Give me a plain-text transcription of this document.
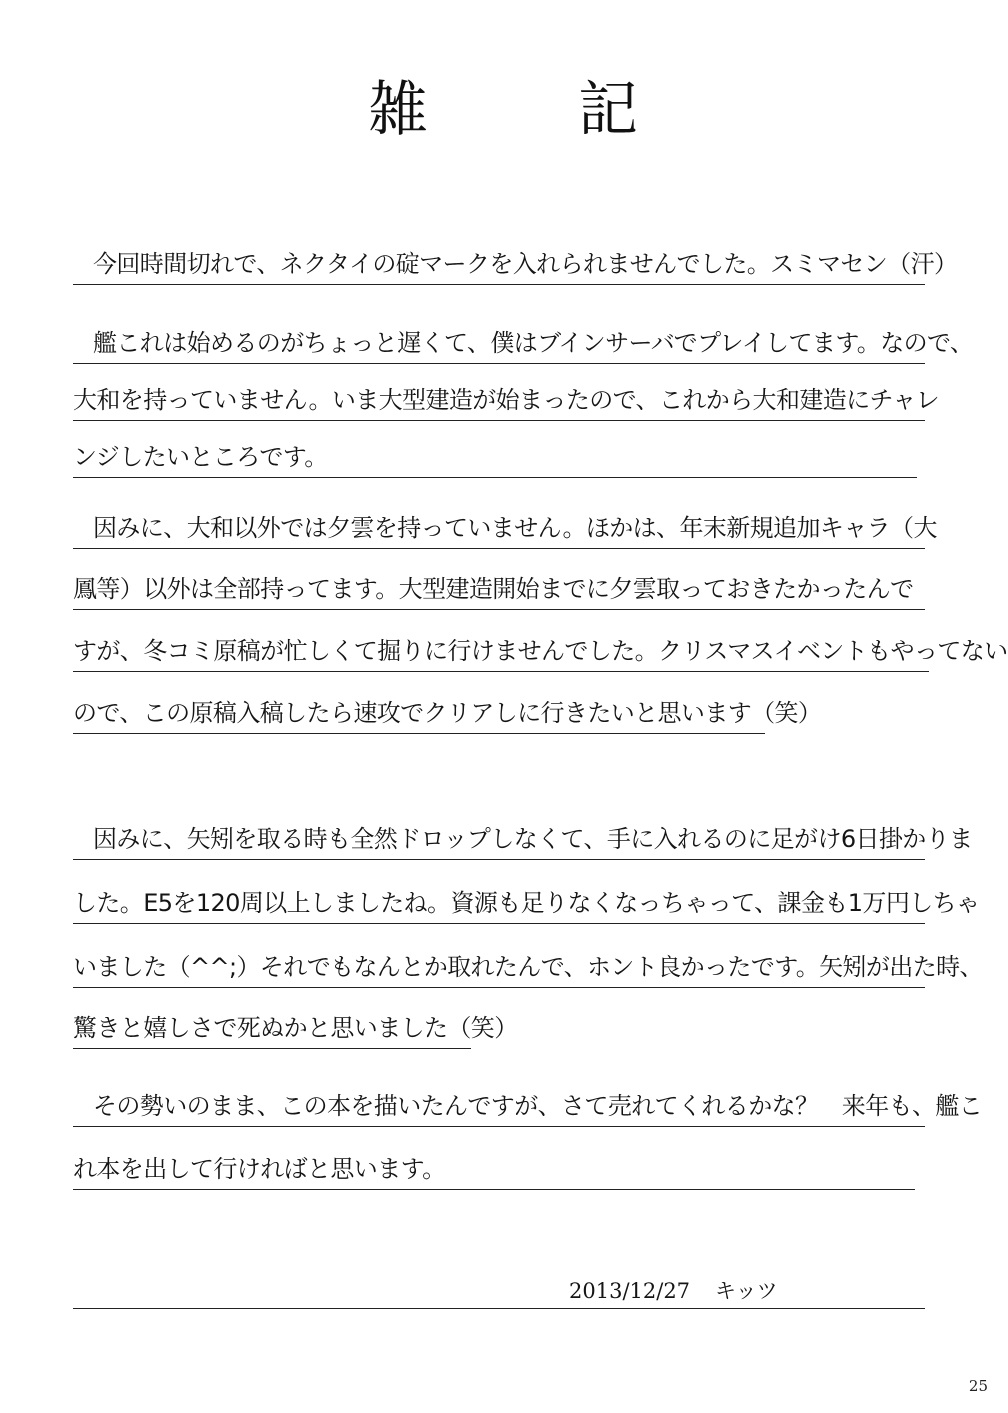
雑	記
今回時間切れで、ネクタイの碇マークを入れられませんでした。スミマセン（汗）
艦これは始めるのがちょっと遅くて、僕はブインサーバでプレイしてます。なので、
大和を持っていません。いま大型建造が始まったので、これから大和建造にチャレ
ンジしたいところです。
因みに、大和以外では夕雲を持っていません。ほかは、年末新規追加キャラ（大
鳳等）以外は全部持ってます。大型建造開始までに夕雲取っておきたかったんで
すが、冬コミ原稿が忙しくて掘りに行けませんでした。クリスマスイベントもやってない
ので、この原稿入稿したら速攻でクリアしに行きたいと思います（笑）
因みに、矢矧を取る時も全然ドロップしなくて、手に入れるのに足がけ6日掛かりま
した。E5を120周以上しましたね。資源も足りなくなっちゃって、課金も1万円しちゃ
いました（^^;）それでもなんとか取れたんで、ホント良かったです。矢矧が出た時、
驚きと嬉しさで死ぬかと思いました（笑）
その勢いのまま、この本を描いたんですが、さて売れてくれるかな？　来年も、艦こ
れ本を出して行ければと思います。
2013/12/27 キッツ
25
